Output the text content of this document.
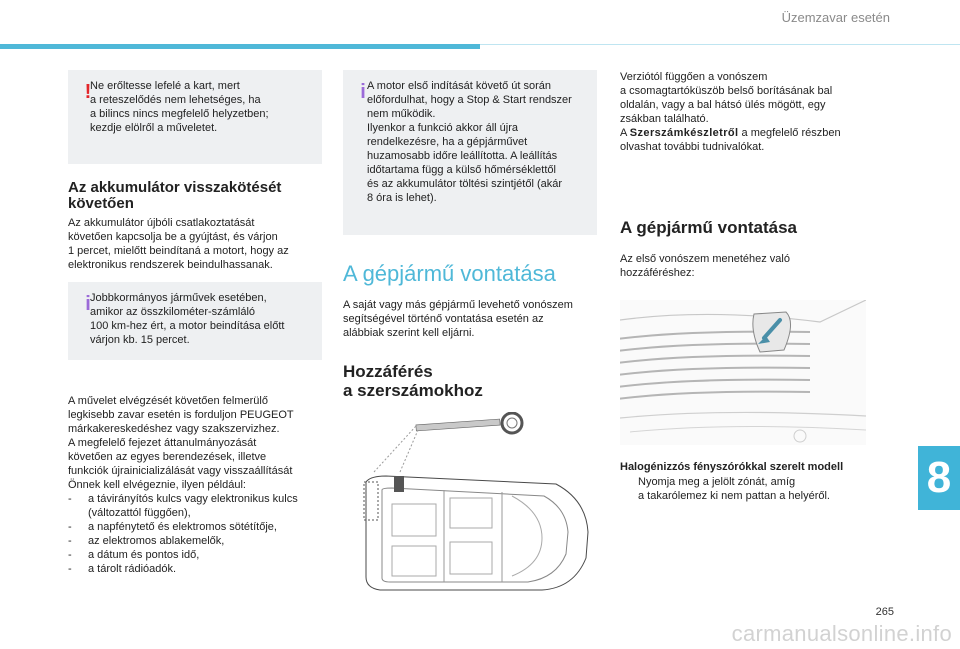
Üzemzavar esetén
!
Ne erőltesse lefelé a kart, mert
a reteszelődés nem lehetséges, ha
a bilincs nincs megfelelő helyzetben;
kezdje elölről a műveletet.
Az akkumulátor visszakötését
követően
Az akkumulátor újbóli csatlakoztatását
követően kapcsolja be a gyújtást, és várjon
1 percet, mielőtt beindítaná a motort, hogy az
elektronikus rendszerek beindulhassanak.
i Jobbkormányos járművek esetében,
amikor az összkilométer-számláló
100 km-hez ért, a motor beindítása előtt
várjon kb. 15 percet.
A művelet elvégzését követően felmerülő
legkisebb zavar esetén is forduljon PEUGEOT
márkakereskedéshez vagy szakszervizhez.
A megfelelő fejezet áttanulmányozását
követően az egyes berendezések, illetve
funkciók újrainicializálását vagy visszaállítását
Önnek kell elvégeznie, ilyen például:
- a távirányítós kulcs vagy elektronikus kulcs
(változattól függően),
- a napfénytető és elektromos sötétítője,
- az elektromos ablakemelők,
- a dátum és pontos idő,
- a tárolt rádióadók.
i A motor első indítását követő út során
előfordulhat, hogy a Stop & Start rendszer
nem működik.
Ilyenkor a funkció akkor áll újra
rendelkezésre, ha a gépjárművet
huzamosabb időre leállította. A leállítás
időtartama függ a külső hőmérséklettől
és az akkumulátor töltési szintjétől (akár
8 óra is lehet).
A gépjármű vontatása
A saját vagy más gépjármű levehető vonószem
segítségével történő vontatása esetén az
alábbiak szerint kell eljárni.
Hozzáférés
a szerszámokhoz
Verziótól függően a vonószem
a csomagtartóküszöb belső borításának bal
oldalán, vagy a bal hátsó ülés mögött, egy
zsákban található.
A Szerszámkészletről a megfelelő részben
olvashat további tudnivalókat.
A gépjármű vontatása
Az első vonószem menetéhez való
hozzáféréshez:
Halogénizzós fényszórókkal szerelt modell
Nyomja meg a jelölt zónát, amíg
a takarólemez ki nem pattan a helyéről.	8
265
carmanualsonline.info
